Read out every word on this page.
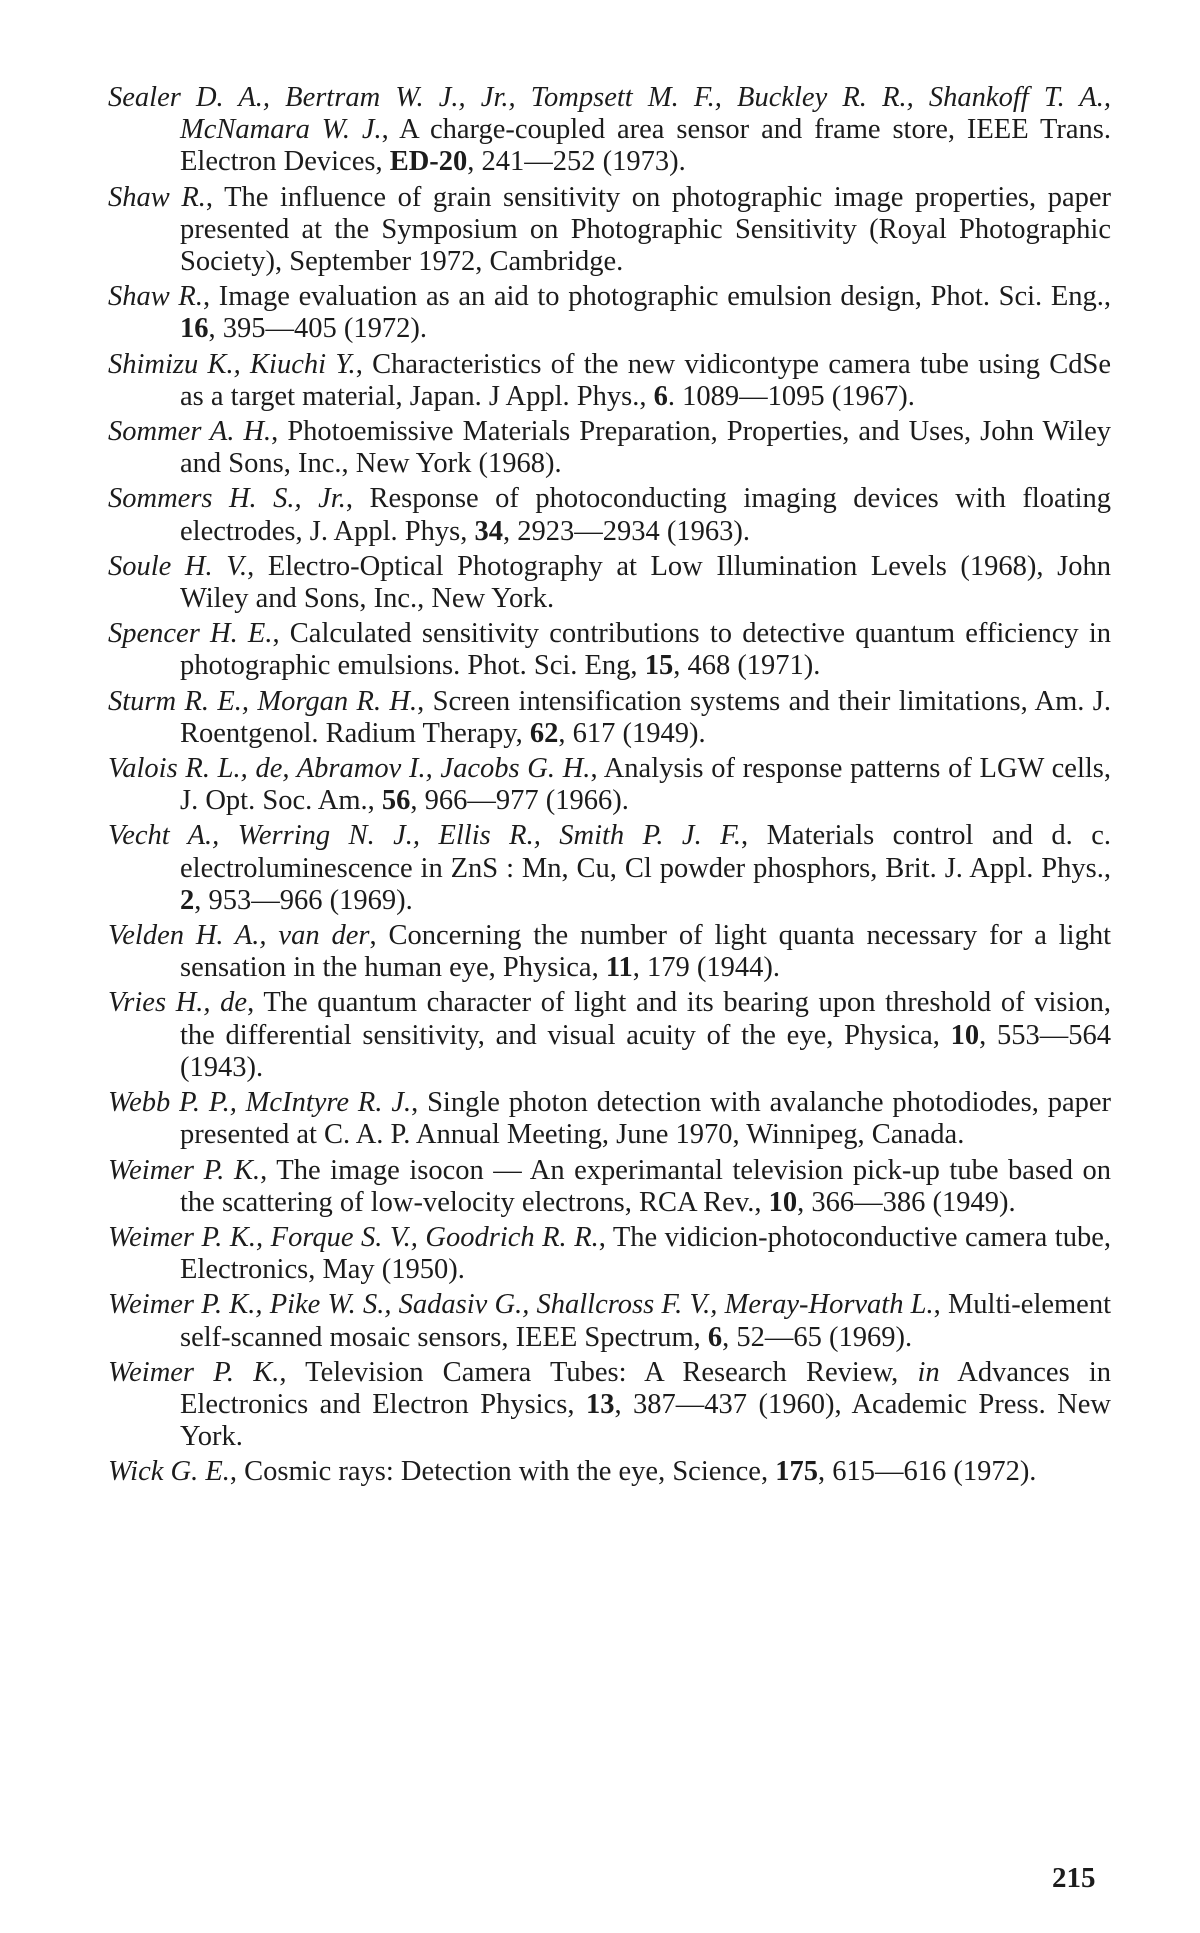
Sealer D. A., Bertram W. J., Jr., Tompsett M. F., Buckley R. R., Shankoff T. A., McNamara W. J., A charge-coupled area sensor and frame store, IEEE Trans. Electron Devices, ED-20, 241—252 (1973).

Shaw R., The influence of grain sensitivity on photographic image properties, paper presented at the Symposium on Photographic Sensitivity (Royal Photographic Society), September 1972, Cambridge.

Shaw R., Image evaluation as an aid to photographic emulsion design, Phot. Sci. Eng., 16, 395—405 (1972).

Shimizu K., Kiuchi Y., Characteristics of the new vidicontype camera tube using CdSe as a target material, Japan. J Appl. Phys., 6. 1089—1095 (1967).

Sommer A. H., Photoemissive Materials Preparation, Properties, and Uses, John Wiley and Sons, Inc., New York (1968).

Sommers H. S., Jr., Response of photoconducting imaging devices with floating electrodes, J. Appl. Phys, 34, 2923—2934 (1963).

Soule H. V., Electro-Optical Photography at Low Illumination Levels (1968), John Wiley and Sons, Inc., New York.

Spencer H. E., Calculated sensitivity contributions to detective quantum efficiency in photographic emulsions. Phot. Sci. Eng, 15, 468 (1971).

Sturm R. E., Morgan R. H., Screen intensification systems and their limitations, Am. J. Roentgenol. Radium Therapy, 62, 617 (1949).

Valois R. L., de, Abramov I., Jacobs G. H., Analysis of response patterns of LGW cells, J. Opt. Soc. Am., 56, 966—977 (1966).

Vecht A., Werring N. J., Ellis R., Smith P. J. F., Materials control and d. c. electroluminescence in ZnS : Mn, Cu, Cl powder phosphors, Brit. J. Appl. Phys., 2, 953—966 (1969).

Velden H. A., van der, Concerning the number of light quanta necessary for a light sensation in the human eye, Physica, 11, 179 (1944).

Vries H., de, The quantum character of light and its bearing upon threshold of vision, the differential sensitivity, and visual acuity of the eye, Physica, 10, 553—564 (1943).

Webb P. P., McIntyre R. J., Single photon detection with avalanche photodiodes, paper presented at C. A. P. Annual Meeting, June 1970, Winnipeg, Canada.

Weimer P. K., The image isocon — An experimantal television pick-up tube based on the scattering of low-velocity electrons, RCA Rev., 10, 366—386 (1949).

Weimer P. K., Forque S. V., Goodrich R. R., The vidicion-photoconductive camera tube, Electronics, May (1950).

Weimer P. K., Pike W. S., Sadasiv G., Shallcross F. V., Meray-Horvath L., Multi-element self-scanned mosaic sensors, IEEE Spectrum, 6, 52—65 (1969).

Weimer P. K., Television Camera Tubes: A Research Review, in Advances in Electronics and Electron Physics, 13, 387—437 (1960), Academic Press. New York.

Wick G. E., Cosmic rays: Detection with the eye, Science, 175, 615—616 (1972).

215
